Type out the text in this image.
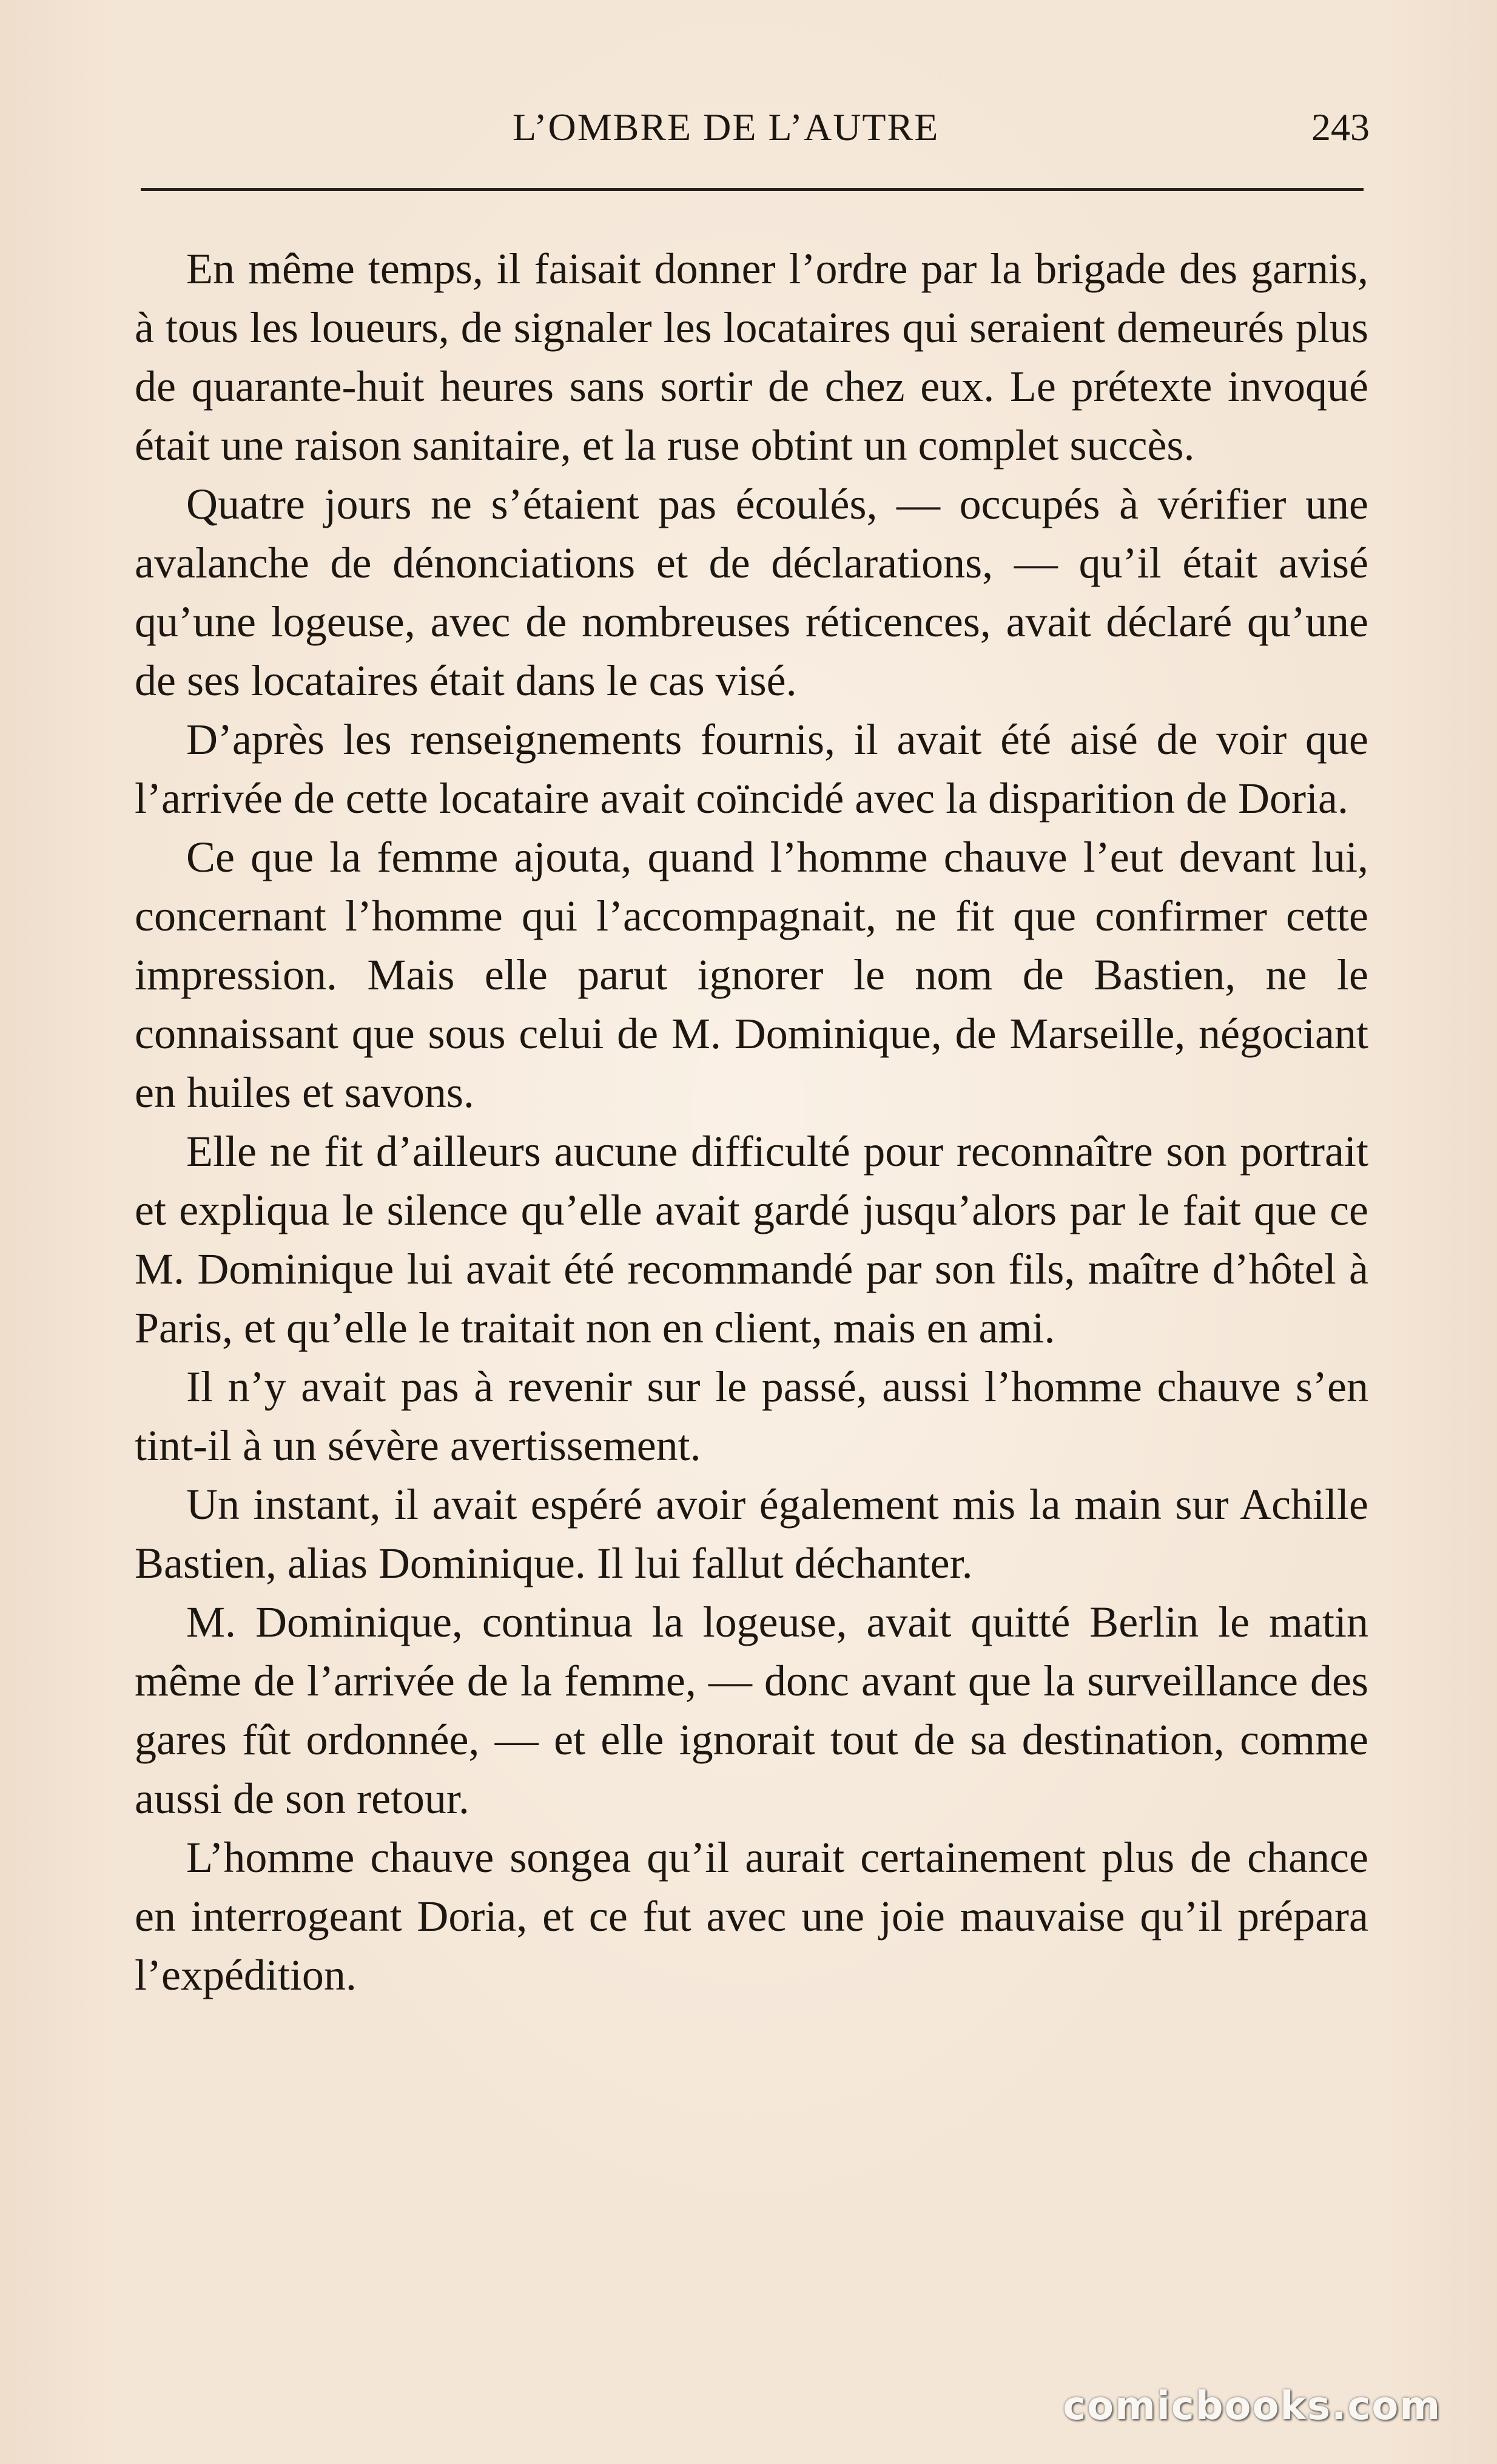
L’OMBRE DE L’AUTRE	243

En même temps, il faisait donner l’ordre par la brigade des garnis, à tous les loueurs, de signaler les locataires qui seraient demeurés plus de quarante-huit heures sans sortir de chez eux. Le prétexte invoqué était une raison sanitaire, et la ruse obtint un complet succès.

Quatre jours ne s’étaient pas écoulés, — occupés à vérifier une avalanche de dénonciations et de déclarations, — qu’il était avisé qu’une logeuse, avec de nombreuses réticences, avait déclaré qu’une de ses locataires était dans le cas visé.

D’après les renseignements fournis, il avait été aisé de voir que l’arrivée de cette locataire avait coïncidé avec la disparition de Doria.

Ce que la femme ajouta, quand l’homme chauve l’eut devant lui, concernant l’homme qui l’accompagnait, ne fit que confirmer cette impression. Mais elle parut ignorer le nom de Bastien, ne le connaissant que sous celui de M. Dominique, de Marseille, négociant en huiles et savons.

Elle ne fit d’ailleurs aucune difficulté pour reconnaître son portrait et expliqua le silence qu’elle avait gardé jusqu’alors par le fait que ce M. Dominique lui avait été recommandé par son fils, maître d’hôtel à Paris, et qu’elle le traitait non en client, mais en ami.

Il n’y avait pas à revenir sur le passé, aussi l’homme chauve s’en tint-il à un sévère avertissement.

Un instant, il avait espéré avoir également mis la main sur Achille Bastien, alias Dominique. Il lui fallut déchanter.

M. Dominique, continua la logeuse, avait quitté Berlin le matin même de l’arrivée de la femme, — donc avant que la surveillance des gares fût ordonnée, — et elle ignorait tout de sa destination, comme aussi de son retour.

L’homme chauve songea qu’il aurait certainement plus de chance en interrogeant Doria, et ce fut avec une joie mauvaise qu’il prépara l’expédition.

comicbooks.com
